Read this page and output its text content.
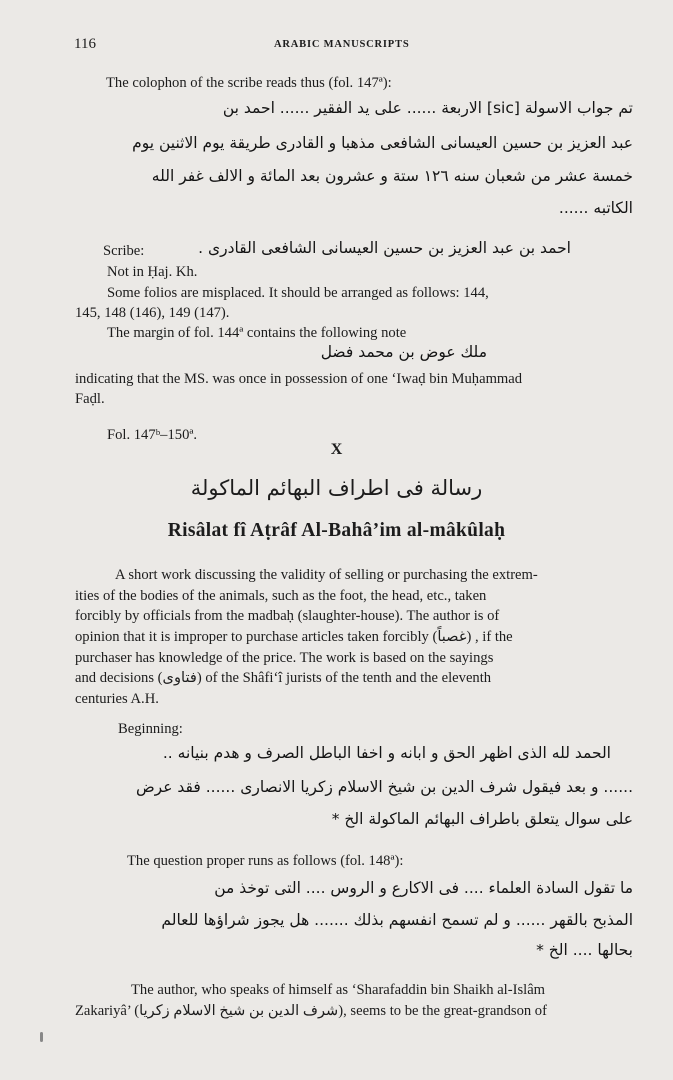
116	ARABIC MANUSCRIPTS
The colophon of the scribe reads thus (fol. 147ª):
تم جواب الاسولة [sic] الاربعة ...... على يد الفقير ...... احمد بن
عبد العزيز بن حسين العيسانى الشافعى مذهبا و القادرى طريقة يوم الاثنين يوم
خمسة عشر من شعبان سنه ١٢٦ ستة و عشرون بعد المائة و الالف غفر الله
الكاتبه ......
Scribe:	احمد بن عبد العزيز بن حسين العيسانى الشافعى القادرى .
Not in Ḥaj. Kh.
Some folios are misplaced. It should be arranged as follows: 144,
145, 148 (146), 149 (147).
The margin of fol. 144ª contains the following note
ملك عوض بن محمد فضل
indicating that the MS. was once in possession of one ‘Iwaḍ bin Muḥammad
Faḍl.
Fol. 147ᵇ–150ª.
X
رسالة فى اطراف البهائم الماكولة
Risâlat fî Aṭrâf Al-Bahâ’im al-mâkûlaḥ
A short work discussing the validity of selling or purchasing the extrem-
ities of the bodies of the animals, such as the foot, the head, etc., taken
forcibly by officials from the madbaḥ (slaughter-house). The author is of
opinion that it is improper to purchase articles taken forcibly (غصباً) , if the
purchaser has knowledge of the price. The work is based on the sayings
and decisions (فتاوى) of the Shâfi‘î jurists of the tenth and the eleventh
centuries A.H.
Beginning:
الحمد لله الذى اظهر الحق و ابانه و اخفا الباطل الصرف و هدم بنيانه ..
...... و بعد فيقول شرف الدين بن شيخ الاسلام زكريا الانصارى ...... فقد عرض
على سوال يتعلق باطراف البهائم الماكولة الخ *
The question proper runs as follows (fol. 148ª):
ما تقول السادة العلماء .... فى الاكارع و الروس .... التى توخذ من
المذبح بالقهر ...... و لم تسمح انفسهم بذلك ....... هل يجوز شراؤها للعالم
بحالها .... الخ *
The author, who speaks of himself as ‘Sharafaddin bin Shaikh al-Islâm
Zakariyâ’ (شرف الدين بن شيخ الاسلام زكريا), seems to be the great-grandson of
